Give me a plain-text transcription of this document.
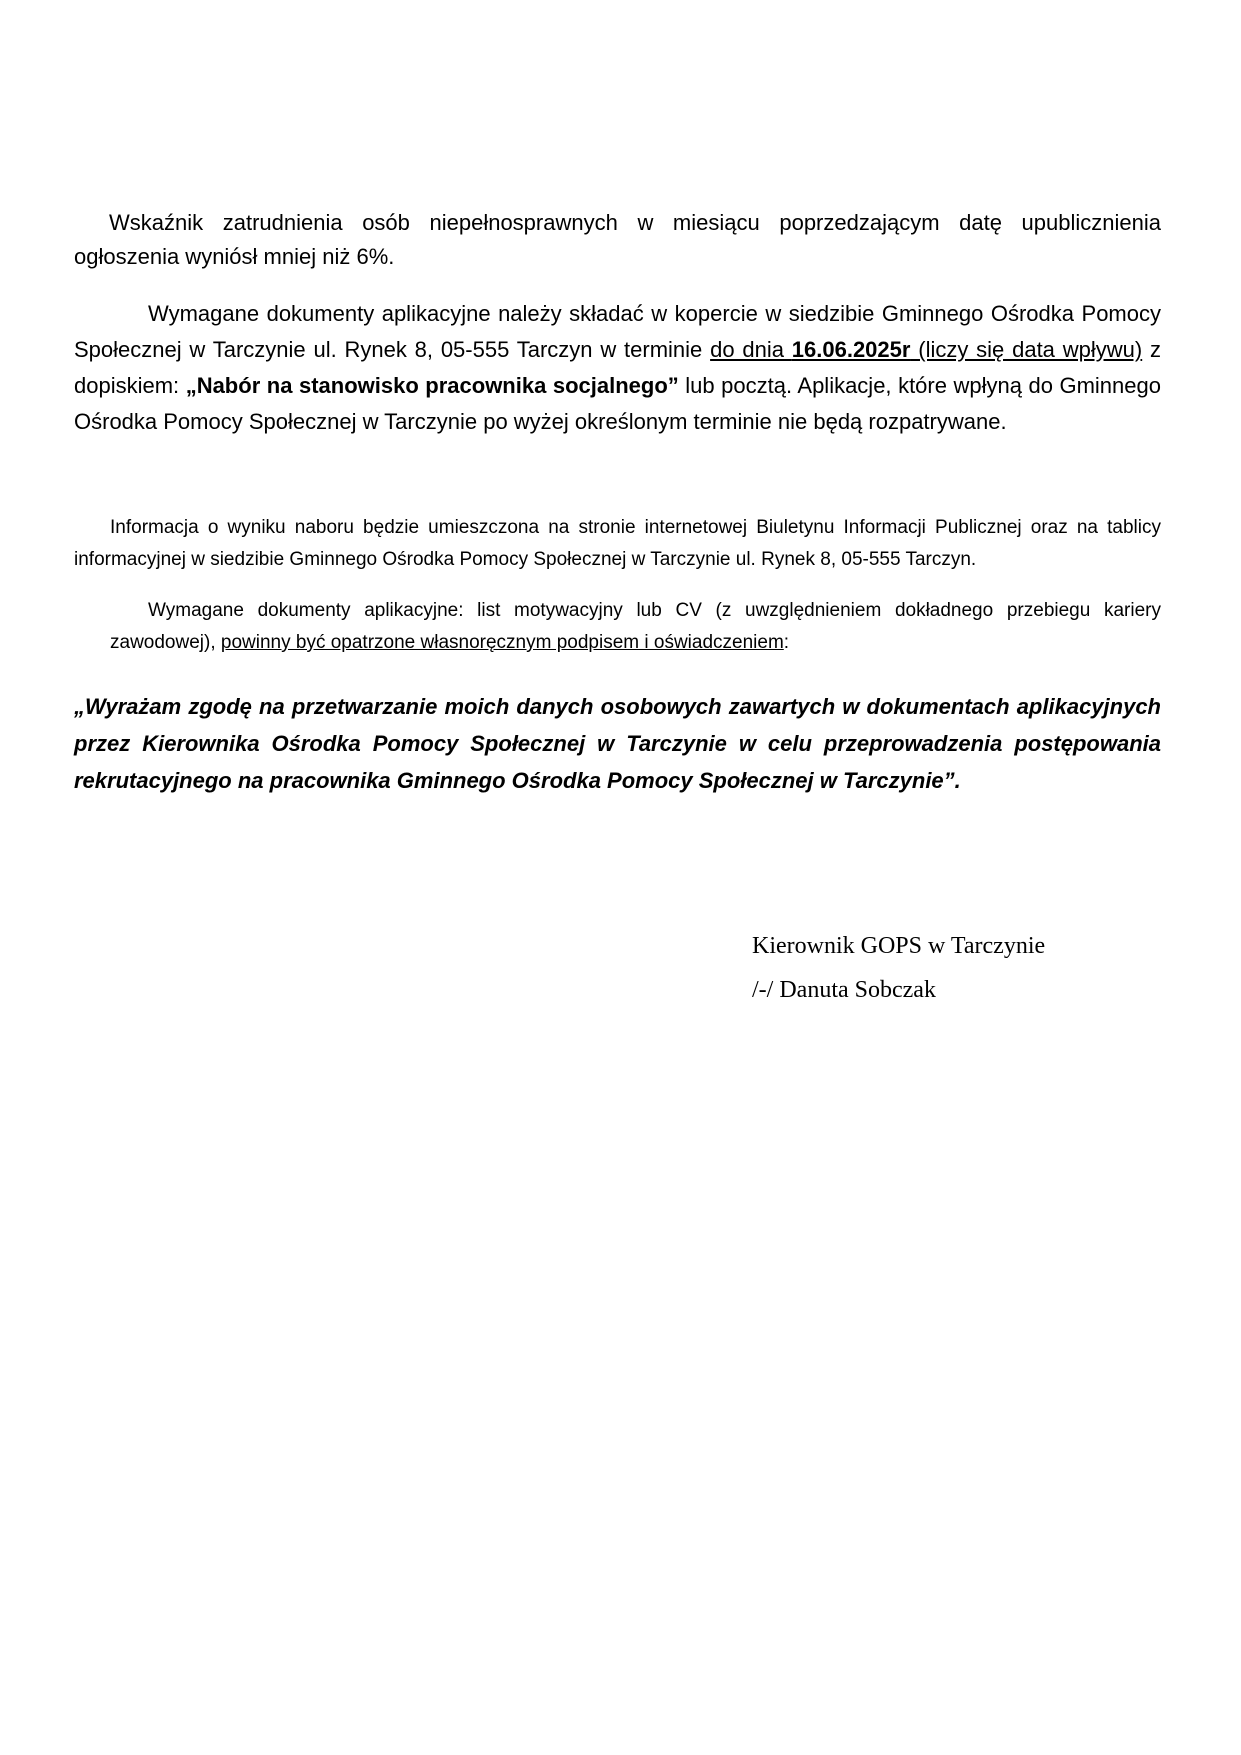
Wskaźnik zatrudnienia osób niepełnosprawnych w miesiącu poprzedzającym datę upublicznienia ogłoszenia wyniósł mniej niż 6%.

Wymagane dokumenty aplikacyjne należy składać w kopercie w siedzibie Gminnego Ośrodka Pomocy Społecznej w Tarczynie ul. Rynek 8, 05-555 Tarczyn w terminie do dnia 16.06.2025r (liczy się data wpływu) z dopiskiem: „Nabór na stanowisko pracownika socjalnego” lub pocztą. Aplikacje, które wpłyną do Gminnego Ośrodka Pomocy Społecznej w Tarczynie po wyżej określonym terminie nie będą rozpatrywane.

Informacja o wyniku naboru będzie umieszczona na stronie internetowej Biuletynu Informacji Publicznej oraz na tablicy informacyjnej w siedzibie Gminnego Ośrodka Pomocy Społecznej w Tarczynie ul. Rynek 8, 05-555 Tarczyn.

Wymagane dokumenty aplikacyjne: list motywacyjny lub CV (z uwzględnieniem dokładnego przebiegu kariery zawodowej), powinny być opatrzone własnoręcznym podpisem i oświadczeniem:

„Wyrażam zgodę na przetwarzanie moich danych osobowych zawartych w dokumentach aplikacyjnych przez Kierownika Ośrodka Pomocy Społecznej w Tarczynie w celu przeprowadzenia postępowania rekrutacyjnego na pracownika Gminnego Ośrodka Pomocy Społecznej w Tarczynie”.

Kierownik GOPS w Tarczynie

/-/ Danuta Sobczak
